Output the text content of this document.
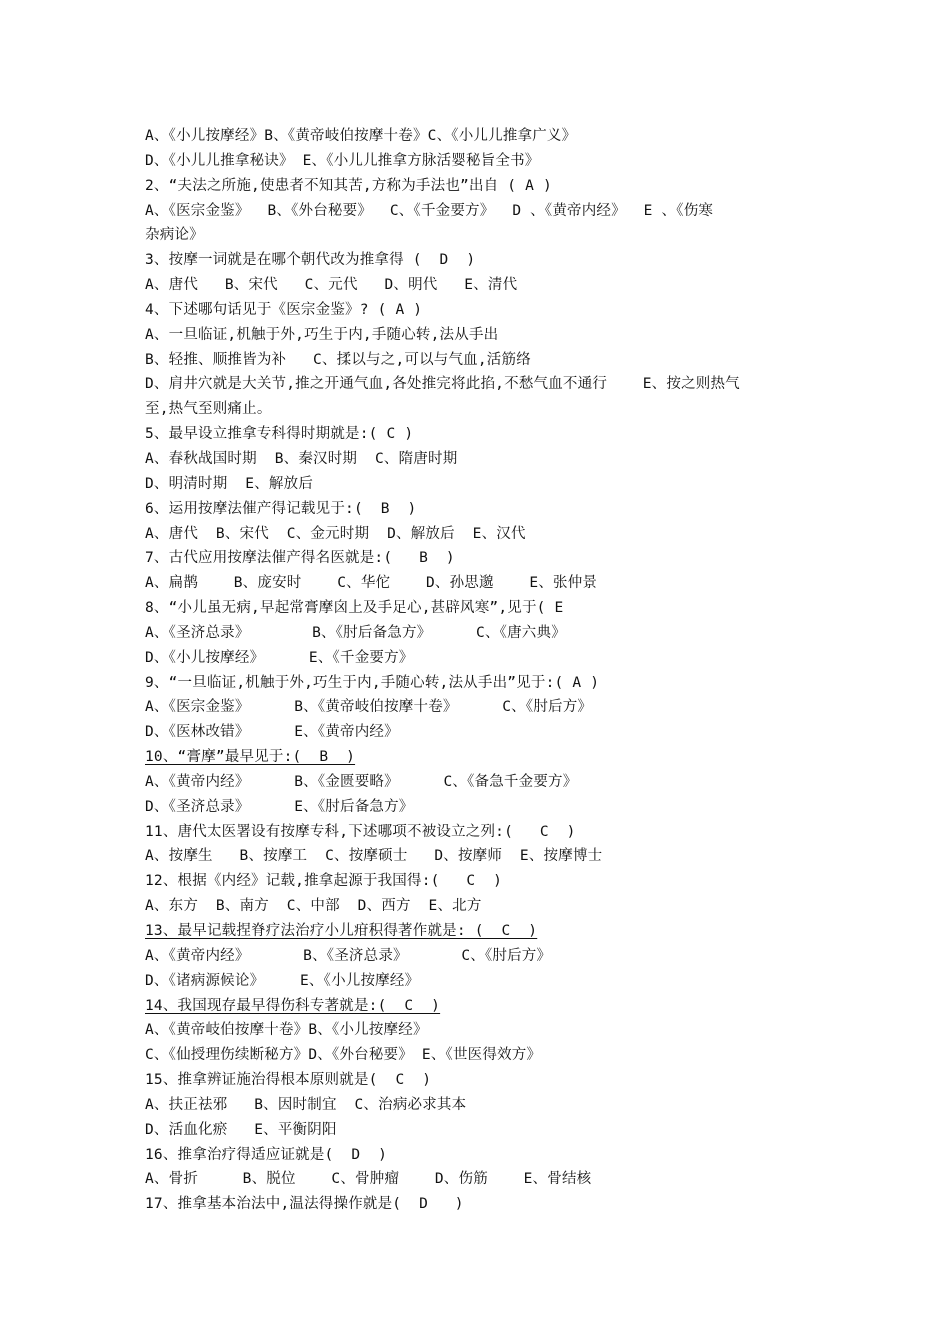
A、《小儿按摩经》B、《黄帝岐伯按摩十卷》C、《小儿儿推拿广义》
D、《小儿儿推拿秘诀》 E、《小儿儿推拿方脉活婴秘旨全书》
2、“夫法之所施,使患者不知其苦,方称为手法也”出自 ( A )
A、《医宗金鉴》  B、《外台秘要》  C、《千金要方》  D 、《黄帝内经》  E 、《伤寒
杂病论》
3、按摩一词就是在哪个朝代改为推拿得 (  D  )
A、唐代   B、宋代   C、元代   D、明代   E、清代
4、下述哪句话见于《医宗金鉴》? ( A )
A、一旦临证,机触于外,巧生于内,手随心转,法从手出
B、轻推、顺推皆为补   C、揉以与之,可以与气血,活筋络
D、肩井穴就是大关节,推之开通气血,各处推完将此掐,不愁气血不通行    E、按之则热气
至,热气至则痛止。
5、最早设立推拿专科得时期就是:( C )
A、春秋战国时期  B、秦汉时期  C、隋唐时期
D、明清时期  E、解放后
6、运用按摩法催产得记载见于:(  B  )
A、唐代  B、宋代  C、金元时期  D、解放后  E、汉代
7、古代应用按摩法催产得名医就是:(   B  )
A、扁鹊    B、庞安时    C、华佗    D、孙思邈    E、张仲景
8、“小儿虽无病,早起常膏摩囟上及手足心,甚辟风寒”,见于( E
A、《圣济总录》       B、《肘后备急方》     C、《唐六典》
D、《小儿按摩经》     E、《千金要方》
9、“一旦临证,机触于外,巧生于内,手随心转,法从手出”见于:( A )
A、《医宗金鉴》     B、《黄帝岐伯按摩十卷》     C、《肘后方》
D、《医林改错》     E、《黄帝内经》
10、“膏摩”最早见于:(  B  )
A、《黄帝内经》     B、《金匮要略》     C、《备急千金要方》
D、《圣济总录》     E、《肘后备急方》
11、唐代太医署设有按摩专科,下述哪项不被设立之列:(   C  )
A、按摩生   B、按摩工  C、按摩硕士   D、按摩师  E、按摩博士
12、根据《内经》记载,推拿起源于我国得:(   C  )
A、东方  B、南方  C、中部  D、西方  E、北方
13、最早记载捏脊疗法治疗小儿疳积得著作就是: (  C  )
A、《黄帝内经》      B、《圣济总录》      C、《肘后方》
D、《诸病源候论》    E、《小儿按摩经》
14、我国现存最早得伤科专著就是:(  C  )
A、《黄帝岐伯按摩十卷》B、《小儿按摩经》
C、《仙授理伤续断秘方》D、《外台秘要》 E、《世医得效方》
15、推拿辨证施治得根本原则就是(  C  )
A、扶正祛邪   B、因时制宜  C、治病必求其本
D、活血化瘀   E、平衡阴阳
16、推拿治疗得适应证就是(  D  )
A、骨折     B、脱位    C、骨肿瘤    D、伤筋    E、骨结核
17、推拿基本治法中,温法得操作就是(  D   )
